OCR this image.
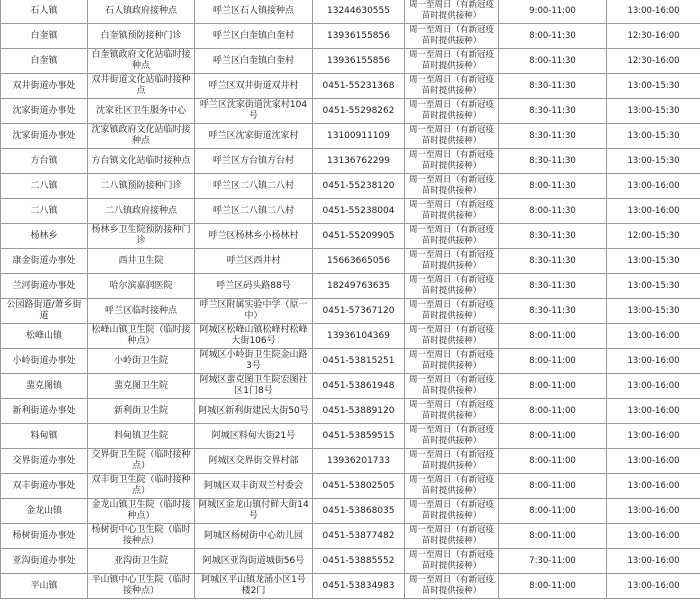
石人镇	石人镇政府接种点	呼兰区石人镇接种点	13244630555	周一至周日（有新冠疫苗时提供接种）	9:00-11:00	13:00-16:00
白奎镇	白奎镇预防接种门诊	呼兰区白奎镇白奎村	13936155856	周一至周日（有新冠疫苗时提供接种）	8:00-11:30	12:30-16:00
白奎镇	白奎镇政府文化站临时接种点	呼兰区白奎镇白奎村	13936155856	周一至周日（有新冠疫苗时提供接种）	8:00-11:30	12:30-16:00
双井街道办事处	双井街道文化站临时接种点	呼兰区双井街道双井村	0451-55231368	周一至周日（有新冠疫苗时提供接种）	8:30-11:30	13:00-15:30
沈家街道办事处	沈家社区卫生服务中心	呼兰区沈家街道沈家村104号	0451-55298262	周一至周日（有新冠疫苗时提供接种）	8:30-11:30	13:00-15:30
沈家街道办事处	沈家镇政府文化站临时接种点	呼兰区沈家街道沈家村	13100911109	周一至周日（有新冠疫苗时提供接种）	8:30-11:30	13:00-15:30
方台镇	方台镇文化站临时接种点	呼兰区方台镇方台村	13136762299	周一至周日（有新冠疫苗时提供接种）	8:30-11:30	13:00-15:30
二八镇	二八镇预防接种门诊	呼兰区二八镇二八村	0451-55238120	周一至周日（有新冠疫苗时提供接种）	8:00-11:30	13:00-16:00
二八镇	二八镇政府接种点	呼兰区二八镇二八村	0451-55238004	周一至周日（有新冠疫苗时提供接种）	8:00-11:30	13:00-16:00
杨林乡	杨林乡卫生院预防接种门诊	呼兰区杨林乡小杨林村	0451-55209905	周一至周日（有新冠疫苗时提供接种）	8:30-11:30	12:00-15:30
康金街道办事处	西井卫生院	呼兰区西井村	15663665056	周一至周日（有新冠疫苗时提供接种）	8:30-11:30	13:00-15:30
兰河街道办事处	哈尔滨嘉润医院	呼兰区码头路88号	18249763635	周一至周日（有新冠疫苗时提供接种）	8:30-11:30	13:00-15:30
公园路街道/萧乡街道	呼兰区临时接种点	呼兰区附属实验中学（原一中）	0451-57367120	周一至周日（有新冠疫苗时提供接种）	8:30-11:30	13:00-15:30
松峰山镇	松峰山镇卫生院（临时接种点）	阿城区松峰山镇松峰村松峰大街106号	13936104369	周一至周日（有新冠疫苗时提供接种）	8:00-11:00	13:00-16:00
小岭街道办事处	小岭街卫生院	阿城区小岭街卫生院金山路3号	0451-53815251	周一至周日（有新冠疫苗时提供接种）	8:00-11:00	13:00-16:00
蜚克图镇	蜚克图卫生院	阿城区蜚克图卫生院宏图社区1门8号	0451-53861948	周一至周日（有新冠疫苗时提供接种）	8:00-11:00	13:00-16:00
新利街道办事处	新利街卫生院	阿城区新利街建民大街50号	0451-53889120	周一至周日（有新冠疫苗时提供接种）	8:00-11:00	13:00-16:00
料甸镇	料甸镇卫生院	阿城区料甸大街21号	0451-53859515	周一至周日（有新冠疫苗时提供接种）	8:00-11:00	13:00-16:00
交界街道办事处	交界街卫生院（临时接种点）	阿城区交界街交界村部	13936201733	周一至周日（有新冠疫苗时提供接种）	8:00-11:00	13:00-16:00
双丰街道办事处	双丰街卫生院（临时接种点）	阿城区双丰街双兰村委会	0451-53802505	周一至周日（有新冠疫苗时提供接种）	8:00-11:00	13:00-16:00
金龙山镇	金龙山镇卫生院（临时接种点）	阿城区金龙山镇付鲜大街14号	0451-53868035	周一至周日（有新冠疫苗时提供接种）	8:00-11:00	13:00-16:00
杨树街道办事处	杨树街中心卫生院（临时接种点）	阿城区杨树街中心幼儿园	0451-53877482	周一至周日（有新冠疫苗时提供接种）	8:00-11:00	13:00-16:00
亚沟街道办事处	亚沟街卫生院	阿城区亚沟街道城街56号	0451-53885552	周一至周日（有新冠疫苗时提供接种）	7:30-11:00	13:00-16:00
平山镇	平山镇中心卫生院（临时接种点）	阿城区平山镇龙涌小区1号楼2门	0451-53834983	周一至周日（有新冠疫苗时提供接种）	8:00-11:00	13:00-16:00
